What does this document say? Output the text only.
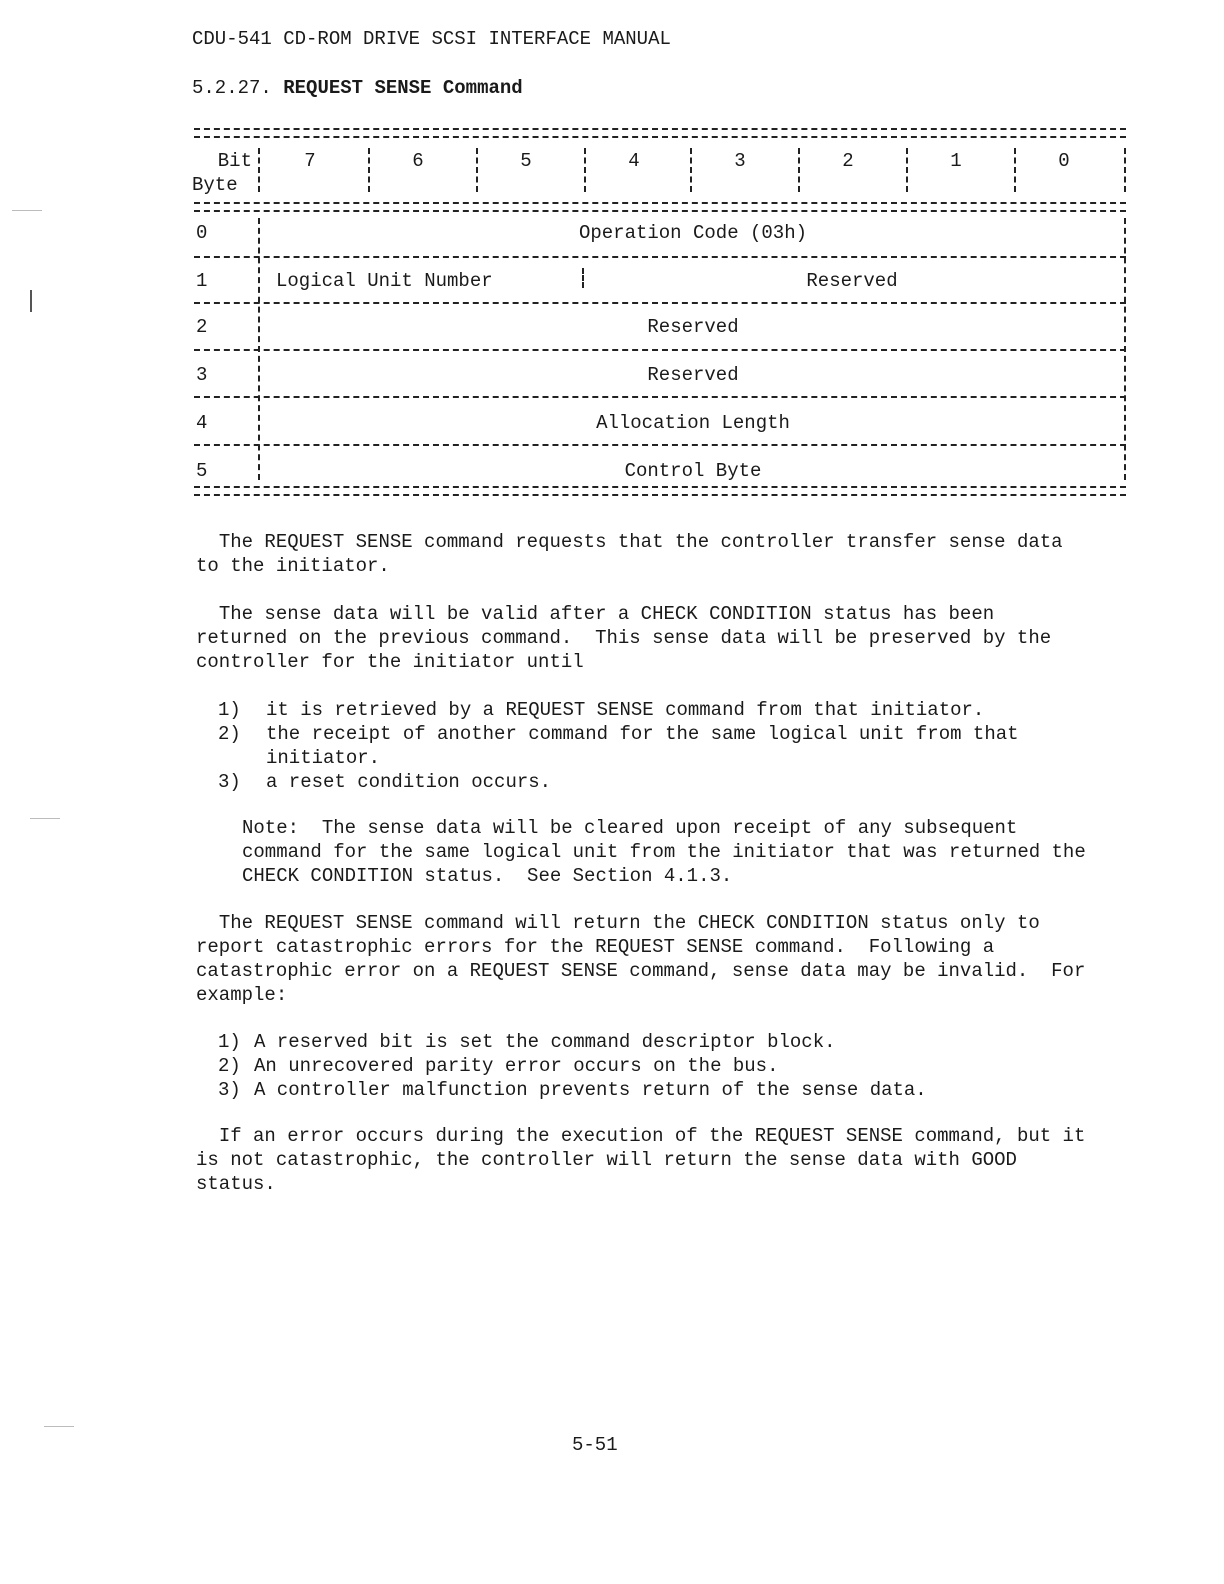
CDU-541 CD-ROM DRIVE SCSI INTERFACE MANUAL
5.2.27. REQUEST SENSE Command
Bit
Byte
7	6	5	4	3	2	1	0
0	Operation Code (03h)
1	Logical Unit Number	Reserved
2	Reserved
3	Reserved
4	Allocation Length
5	Control Byte
The REQUEST SENSE command requests that the controller transfer sense data
to the initiator.
The sense data will be valid after a CHECK CONDITION status has been
returned on the previous command.  This sense data will be preserved by the
controller for the initiator until
1)	it is retrieved by a REQUEST SENSE command from that initiator.
2)	the receipt of another command for the same logical unit from that
initiator.
3)	a reset condition occurs.
Note:  The sense data will be cleared upon receipt of any subsequent
command for the same logical unit from the initiator that was returned the
CHECK CONDITION status.  See Section 4.1.3.
The REQUEST SENSE command will return the CHECK CONDITION status only to
report catastrophic errors for the REQUEST SENSE command.  Following a
catastrophic error on a REQUEST SENSE command, sense data may be invalid.  For
example:
1) A reserved bit is set the command descriptor block.
2) An unrecovered parity error occurs on the bus.
3) A controller malfunction prevents return of the sense data.
If an error occurs during the execution of the REQUEST SENSE command, but it
is not catastrophic, the controller will return the sense data with GOOD
status.
5-51
